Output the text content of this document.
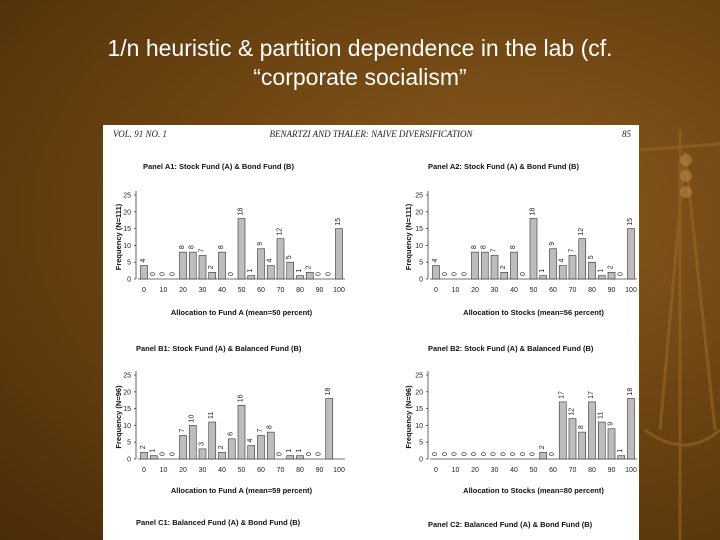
1/n heuristic & partition dependence in the lab (cf.
“corporate socialism”
VOL. 91 NO. 1	BENARTZI AND THALER: NAIVE DIVERSIFICATION	85
Panel C1: Balanced Fund (A) & Bond Fund (B)	Panel C2: Balanced Fund (A) & Bond Fund (B)
Panel A1: Stock Fund (A) & Bond Fund (B)
0
5
10
15
20
25
0 10 20 30 40 50 60 70 80 90 100
4
0 0 0
8 8
7
2
8
0
18
1
9
4
12
5
1
2
0 0
15
Allocation to Fund A (mean=50 percent)
Frequency (N=111)
Panel A2: Stock Fund (A) & Bond Fund (B)
0
5
10
15
20
25
0 10 20 30 40 50 60 70 80 90 100
4
0 0 0
8 8
7
2
8
0
18
1
9
4
7
12
5
1
2
0
15
Allocation to Stocks (mean=56 percent)
Frequency (N=111)
Panel B1: Stock Fund (A) & Balanced Fund (B)
0
5
10
15
20
25
0 10 20 30 40 50 60 70 80 90 100
2
1
0 0
7
10
3
11
2
6
16
4
7
8
0
1 1
0 0
18
Allocation to Fund A (mean=59 percent)
Frequency (N=96)
Panel B2: Stock Fund (A) & Balanced Fund (B)
0
5
10
15
20
25
0 10 20 30 40 50 60 70 80 90 100
0 0 0 0 0 0 0 0 0 0 0
2
0
17
12
8
17
11
9
1
18
Allocation to Stocks (mean=80 percent)
Frequency (N=96)
